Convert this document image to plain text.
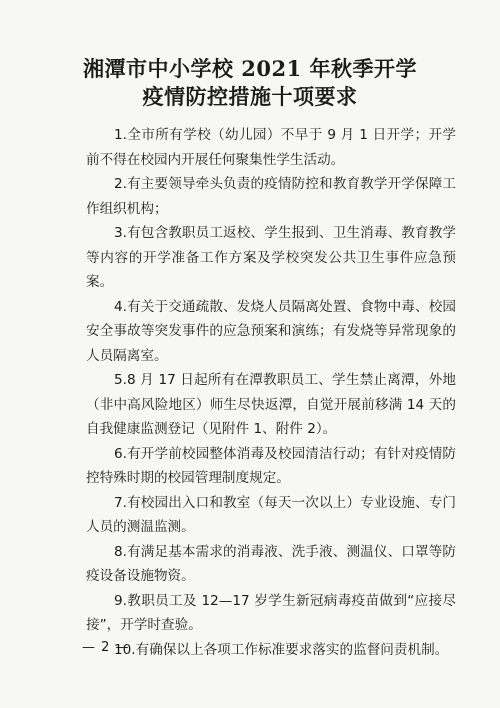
湘潭市中小学校 2021 年秋季开学
疫情防控措施十项要求

1.全市所有学校（幼儿园）不早于 9 月 1 日开学；开学前不得在校园内开展任何聚集性学生活动。

2.有主要领导牵头负责的疫情防控和教育教学开学保障工作组织机构；

3.有包含教职员工返校、学生报到、卫生消毒、教育教学等内容的开学准备工作方案及学校突发公共卫生事件应急预案。

4.有关于交通疏散、发烧人员隔离处置、食物中毒、校园安全事故等突发事件的应急预案和演练；有发烧等异常现象的人员隔离室。

5.8 月 17 日起所有在潭教职员工、学生禁止离潭，外地（非中高风险地区）师生尽快返潭，自觉开展前移满 14 天的自我健康监测登记（见附件 1、附件 2）。

6.有开学前校园整体消毒及校园清洁行动；有针对疫情防控特殊时期的校园管理制度规定。

7.有校园出入口和教室（每天一次以上）专业设施、专门人员的测温监测。

8.有满足基本需求的消毒液、洗手液、测温仪、口罩等防疫设备设施物资。

9.教职员工及 12—17 岁学生新冠病毒疫苗做到“应接尽接”，开学时查验。

10.有确保以上各项工作标准要求落实的监督问责机制。

— 2 —
